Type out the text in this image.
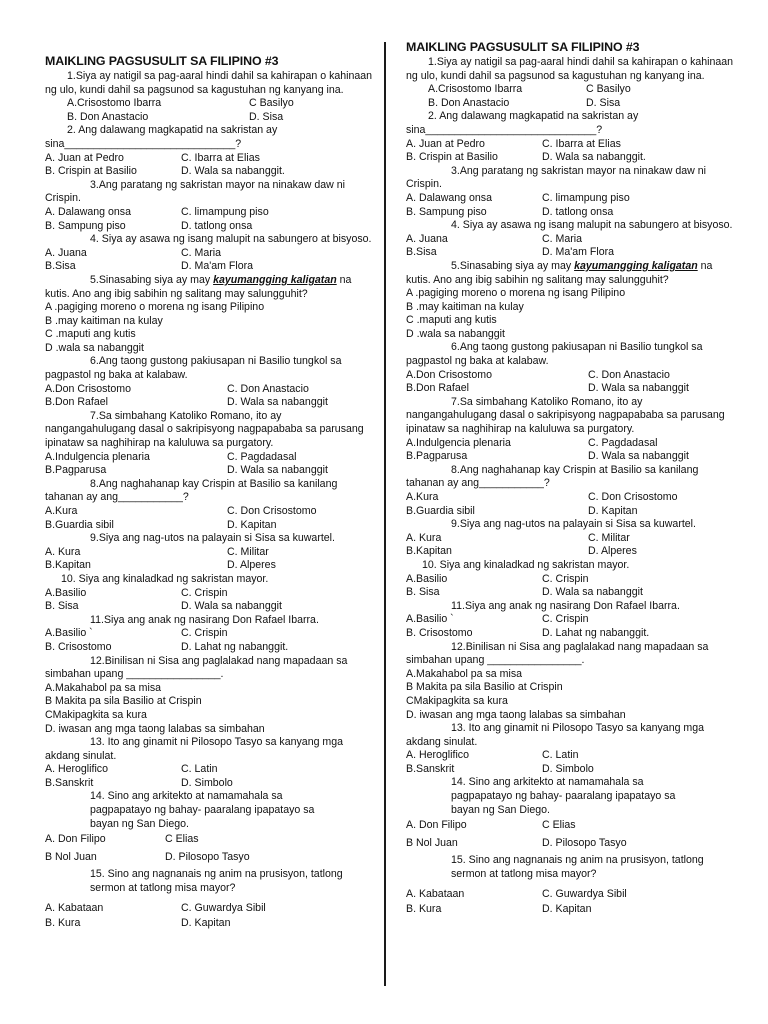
MAIKLING PAGSUSULIT SA FILIPINO #3

1.Siya ay natigil sa pag-aaral hindi dahil sa kahirapan o kahinaan ng ulo, kundi dahil sa pagsunod sa kagustuhan ng kanyang ina.

A.Crisostomo Ibarra	C Basilyo
B. Don Anastacio	D. Sisa

2. Ang dalawang magkapatid na sakristan ay sina_____________________________?

A. Juan at Pedro	C. Ibarra at Elias
B. Crispin at Basilio	D. Wala sa nabanggit.

3.Ang paratang ng sakristan mayor na ninakaw daw ni Crispin.

A. Dalawang onsa	C. limampung piso
B. Sampung piso	D. tatlong onsa

4. Siya ay asawa ng isang malupit na sabungero at bisyoso.

A. Juana	C. Maria
B.Sisa	D. Ma'am Flora

5.Sinasabing siya ay may kayumangging kaligatan na kutis. Ano ang ibig sabihin ng salitang may salungguhit?

A .pagiging moreno o morena ng isang Pilipino

B .may kaitiman na kulay

C .maputi ang kutis

D .wala sa nabanggit

6.Ang taong gustong pakiusapan ni Basilio tungkol sa pagpastol ng baka at kalabaw.

A.Don Crisostomo	C. Don Anastacio
B.Don Rafael	D. Wala sa nabanggit

7.Sa simbahang Katoliko Romano, ito ay nangangahulugang dasal o sakripisyong nagpapababa sa parusang ipinataw sa naghihirap na kaluluwa sa purgatory.

A.Indulgencia plenaria	C. Pagdadasal
B.Pagparusa	D. Wala sa nabanggit

8.Ang naghahanap kay Crispin at Basilio sa kanilang tahanan ay ang___________?

A.Kura	C. Don Crisostomo
B.Guardia sibil	D. Kapitan

9.Siya ang nag-utos na palayain si Sisa sa kuwartel.

A. Kura	C. Militar
B.Kapitan	D. Alperes

10. Siya ang kinaladkad ng sakristan mayor.

A.Basilio	C. Crispin
B. Sisa	D. Wala sa nabanggit

11.Siya ang anak ng nasirang Don Rafael Ibarra.

A.Basilio `	C. Crispin
B. Crisostomo	D. Lahat ng nabanggit.

12.Binilisan ni Sisa ang paglalakad nang mapadaan sa simbahan upang ________________.

A.Makahabol pa sa misa

B Makita pa sila Basilio at Crispin

CMakipagkita sa kura

D. iwasan ang mga taong lalabas sa simbahan

13. Ito ang ginamit ni Pilosopo Tasyo sa kanyang mga akdang sinulat.

A. Heroglifico	C. Latin
B.Sanskrit	D. Simbolo

14. Sino ang arkitekto at namamahala sa pagpapatayo ng bahay- paaralang ipapatayo sa bayan ng San Diego.

A. Don Filipo	C Elias
B Nol Juan	D. Pilosopo Tasyo

15. Sino ang nagnanais ng anim na prusisyon, tatlong sermon at tatlong misa mayor?

A. Kabataan	C. Guwardya Sibil
B. Kura	D. Kapitan
MAIKLING PAGSUSULIT SA FILIPINO #3

1.Siya ay natigil sa pag-aaral hindi dahil sa kahirapan o kahinaan ng ulo, kundi dahil sa pagsunod sa kagustuhan ng kanyang ina.

A.Crisostomo Ibarra	C Basilyo
B. Don Anastacio	D. Sisa

2. Ang dalawang magkapatid na sakristan ay sina_____________________________?

A. Juan at Pedro	C. Ibarra at Elias
B. Crispin at Basilio	D. Wala sa nabanggit.

3.Ang paratang ng sakristan mayor na ninakaw daw ni Crispin.

A. Dalawang onsa	C. limampung piso
B. Sampung piso	D. tatlong onsa

4. Siya ay asawa ng isang malupit na sabungero at bisyoso.

A. Juana	C. Maria
B.Sisa	D. Ma'am Flora

5.Sinasabing siya ay may kayumangging kaligatan na kutis. Ano ang ibig sabihin ng salitang may salungguhit?

A .pagiging moreno o morena ng isang Pilipino

B .may kaitiman na kulay

C .maputi ang kutis

D .wala sa nabanggit

6.Ang taong gustong pakiusapan ni Basilio tungkol sa pagpastol ng baka at kalabaw.

A.Don Crisostomo	C. Don Anastacio
B.Don Rafael	D. Wala sa nabanggit

7.Sa simbahang Katoliko Romano, ito ay nangangahulugang dasal o sakripisyong nagpapababa sa parusang ipinataw sa naghihirap na kaluluwa sa purgatory.

A.Indulgencia plenaria	C. Pagdadasal
B.Pagparusa	D. Wala sa nabanggit

8.Ang naghahanap kay Crispin at Basilio sa kanilang tahanan ay ang___________?

A.Kura	C. Don Crisostomo
B.Guardia sibil	D. Kapitan

9.Siya ang nag-utos na palayain si Sisa sa kuwartel.

A. Kura	C. Militar
B.Kapitan	D. Alperes

10. Siya ang kinaladkad ng sakristan mayor.

A.Basilio	C. Crispin
B. Sisa	D. Wala sa nabanggit

11.Siya ang anak ng nasirang Don Rafael Ibarra.

A.Basilio `	C. Crispin
B. Crisostomo	D. Lahat ng nabanggit.

12.Binilisan ni Sisa ang paglalakad nang mapadaan sa simbahan upang ________________.

A.Makahabol pa sa misa

B Makita pa sila Basilio at Crispin

CMakipagkita sa kura

D. iwasan ang mga taong lalabas sa simbahan

13. Ito ang ginamit ni Pilosopo Tasyo sa kanyang mga akdang sinulat.

A. Heroglifico	C. Latin
B.Sanskrit	D. Simbolo

14. Sino ang arkitekto at namamahala sa pagpapatayo ng bahay- paaralang ipapatayo sa bayan ng San Diego.

A. Don Filipo	C Elias
B Nol Juan	D. Pilosopo Tasyo

15. Sino ang nagnanais ng anim na prusisyon, tatlong sermon at tatlong misa mayor?

A. Kabataan	C. Guwardya Sibil
B. Kura	D. Kapitan
